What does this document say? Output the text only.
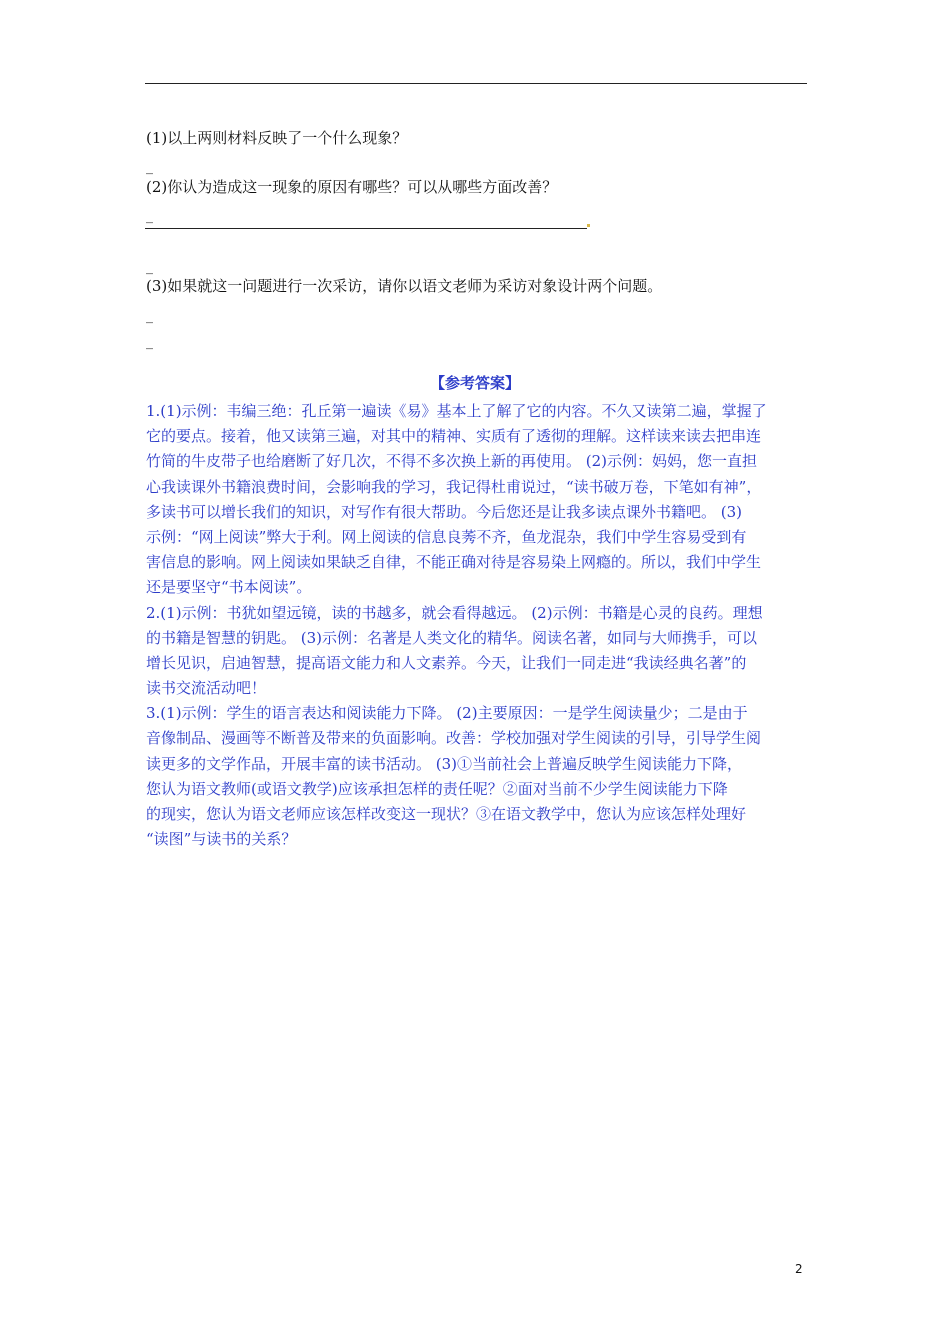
(1)以上两则材料反映了一个什么现象？
_
(2)你认为造成这一现象的原因有哪些？可以从哪些方面改善？
_
_
(3)如果就这一问题进行一次采访，请你以语文老师为采访对象设计两个问题。
_
_
【参考答案】
1.(1)示例：韦编三绝：孔丘第一遍读《易》基本上了解了它的内容。不久又读第二遍，掌握了
它的要点。接着，他又读第三遍，对其中的精神、实质有了透彻的理解。这样读来读去把串连
竹简的牛皮带子也给磨断了好几次，不得不多次换上新的再使用。 (2)示例：妈妈，您一直担
心我读课外书籍浪费时间，会影响我的学习，我记得杜甫说过，“读书破万卷，下笔如有神”，
多读书可以增长我们的知识，对写作有很大帮助。今后您还是让我多读点课外书籍吧。 (3)
示例：“网上阅读”弊大于利。网上阅读的信息良莠不齐，鱼龙混杂，我们中学生容易受到有
害信息的影响。网上阅读如果缺乏自律，不能正确对待是容易染上网瘾的。所以，我们中学生
还是要坚守“书本阅读”。
2.(1)示例：书犹如望远镜，读的书越多，就会看得越远。 (2)示例：书籍是心灵的良药。理想
的书籍是智慧的钥匙。 (3)示例：名著是人类文化的精华。阅读名著，如同与大师携手，可以
增长见识，启迪智慧，提高语文能力和人文素养。今天，让我们一同走进“我读经典名著”的
读书交流活动吧！
3.(1)示例：学生的语言表达和阅读能力下降。 (2)主要原因：一是学生阅读量少；二是由于
音像制品、漫画等不断普及带来的负面影响。改善：学校加强对学生阅读的引导，引导学生阅
读更多的文学作品，开展丰富的读书活动。 (3)①当前社会上普遍反映学生阅读能力下降，
您认为语文教师(或语文教学)应该承担怎样的责任呢？②面对当前不少学生阅读能力下降
的现实，您认为语文老师应该怎样改变这一现状？③在语文教学中，您认为应该怎样处理好
“读图”与读书的关系？
2
